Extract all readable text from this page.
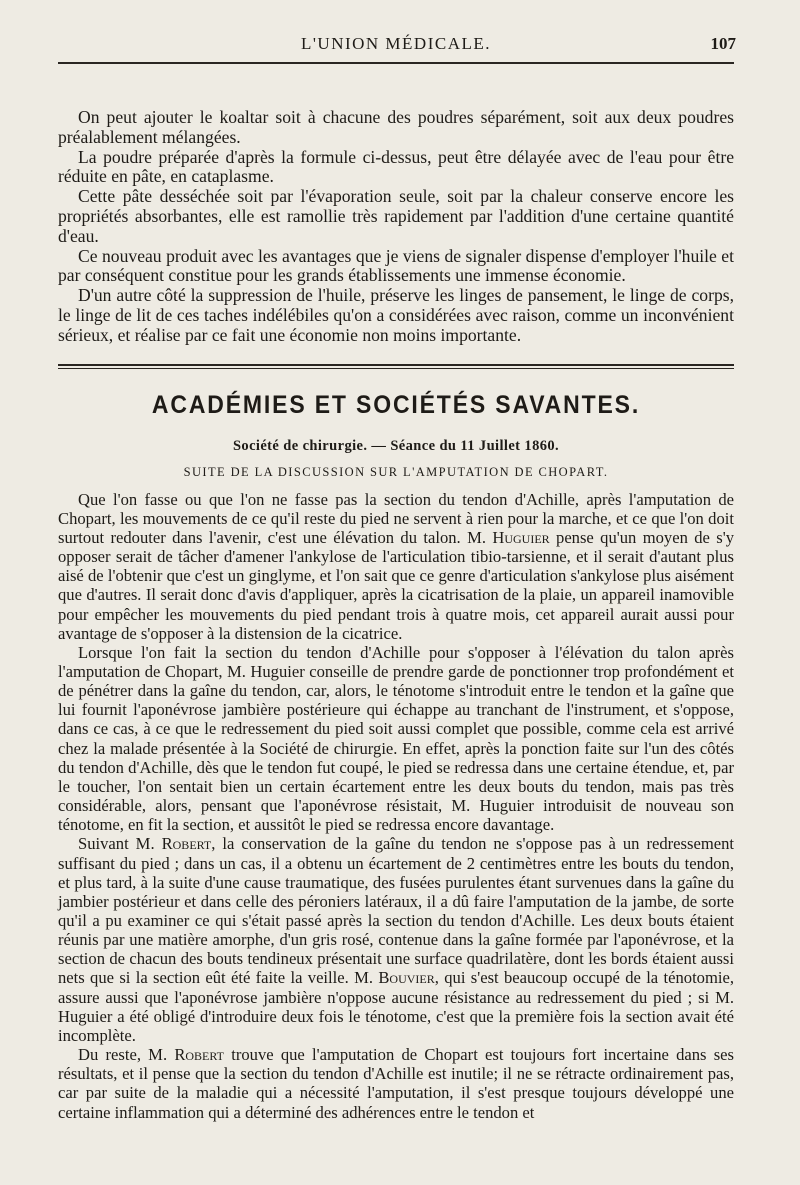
L'UNION MÉDICALE.	107

On peut ajouter le koaltar soit à chacune des poudres séparément, soit aux deux poudres préalablement mélangées.

La poudre préparée d'après la formule ci-dessus, peut être délayée avec de l'eau pour être réduite en pâte, en cataplasme.

Cette pâte desséchée soit par l'évaporation seule, soit par la chaleur conserve encore les propriétés absorbantes, elle est ramollie très rapidement par l'addition d'une certaine quantité d'eau.

Ce nouveau produit avec les avantages que je viens de signaler dispense d'employer l'huile et par conséquent constitue pour les grands établissements une immense économie.

D'un autre côté la suppression de l'huile, préserve les linges de pansement, le linge de corps, le linge de lit de ces taches indélébiles qu'on a considérées avec raison, comme un inconvénient sérieux, et réalise par ce fait une économie non moins importante.

ACADÉMIES ET SOCIÉTÉS SAVANTES.
Société de chirurgie. — Séance du 11 Juillet 1860.
SUITE DE LA DISCUSSION SUR L'AMPUTATION DE CHOPART.

Que l'on fasse ou que l'on ne fasse pas la section du tendon d'Achille, après l'amputation de Chopart, les mouvements de ce qu'il reste du pied ne servent à rien pour la marche, et ce que l'on doit surtout redouter dans l'avenir, c'est une élévation du talon. M. Huguier pense qu'un moyen de s'y opposer serait de tâcher d'amener l'ankylose de l'articulation tibio-tarsienne, et il serait d'autant plus aisé de l'obtenir que c'est un ginglyme, et l'on sait que ce genre d'articulation s'ankylose plus aisément que d'autres. Il serait donc d'avis d'appliquer, après la cicatrisation de la plaie, un appareil inamovible pour empêcher les mouvements du pied pendant trois à quatre mois, cet appareil aurait aussi pour avantage de s'opposer à la distension de la cicatrice.

Lorsque l'on fait la section du tendon d'Achille pour s'opposer à l'élévation du talon après l'amputation de Chopart, M. Huguier conseille de prendre garde de ponctionner trop profondément et de pénétrer dans la gaîne du tendon, car, alors, le ténotome s'introduit entre le tendon et la gaîne que lui fournit l'aponévrose jambière postérieure qui échappe au tranchant de l'instrument, et s'oppose, dans ce cas, à ce que le redressement du pied soit aussi complet que possible, comme cela est arrivé chez la malade présentée à la Société de chirurgie. En effet, après la ponction faite sur l'un des côtés du tendon d'Achille, dès que le tendon fut coupé, le pied se redressa dans une certaine étendue, et, par le toucher, l'on sentait bien un certain écartement entre les deux bouts du tendon, mais pas très considérable, alors, pensant que l'aponévrose résistait, M. Huguier introduisit de nouveau son ténotome, en fit la section, et aussitôt le pied se redressa encore davantage.

Suivant M. Robert, la conservation de la gaîne du tendon ne s'oppose pas à un redressement suffisant du pied ; dans un cas, il a obtenu un écartement de 2 centimètres entre les bouts du tendon, et plus tard, à la suite d'une cause traumatique, des fusées purulentes étant survenues dans la gaîne du jambier postérieur et dans celle des péroniers latéraux, il a dû faire l'amputation de la jambe, de sorte qu'il a pu examiner ce qui s'était passé après la section du tendon d'Achille. Les deux bouts étaient réunis par une matière amorphe, d'un gris rosé, contenue dans la gaîne formée par l'aponévrose, et la section de chacun des bouts tendineux présentait une surface quadrilatère, dont les bords étaient aussi nets que si la section eût été faite la veille. M. Bouvier, qui s'est beaucoup occupé de la ténotomie, assure aussi que l'aponévrose jambière n'oppose aucune résistance au redressement du pied ; si M. Huguier a été obligé d'introduire deux fois le ténotome, c'est que la première fois la section avait été incomplète.

Du reste, M. Robert trouve que l'amputation de Chopart est toujours fort incertaine dans ses résultats, et il pense que la section du tendon d'Achille est inutile; il ne se rétracte ordinairement pas, car par suite de la maladie qui a nécessité l'amputation, il s'est presque toujours développé une certaine inflammation qui a déterminé des adhérences entre le tendon et
